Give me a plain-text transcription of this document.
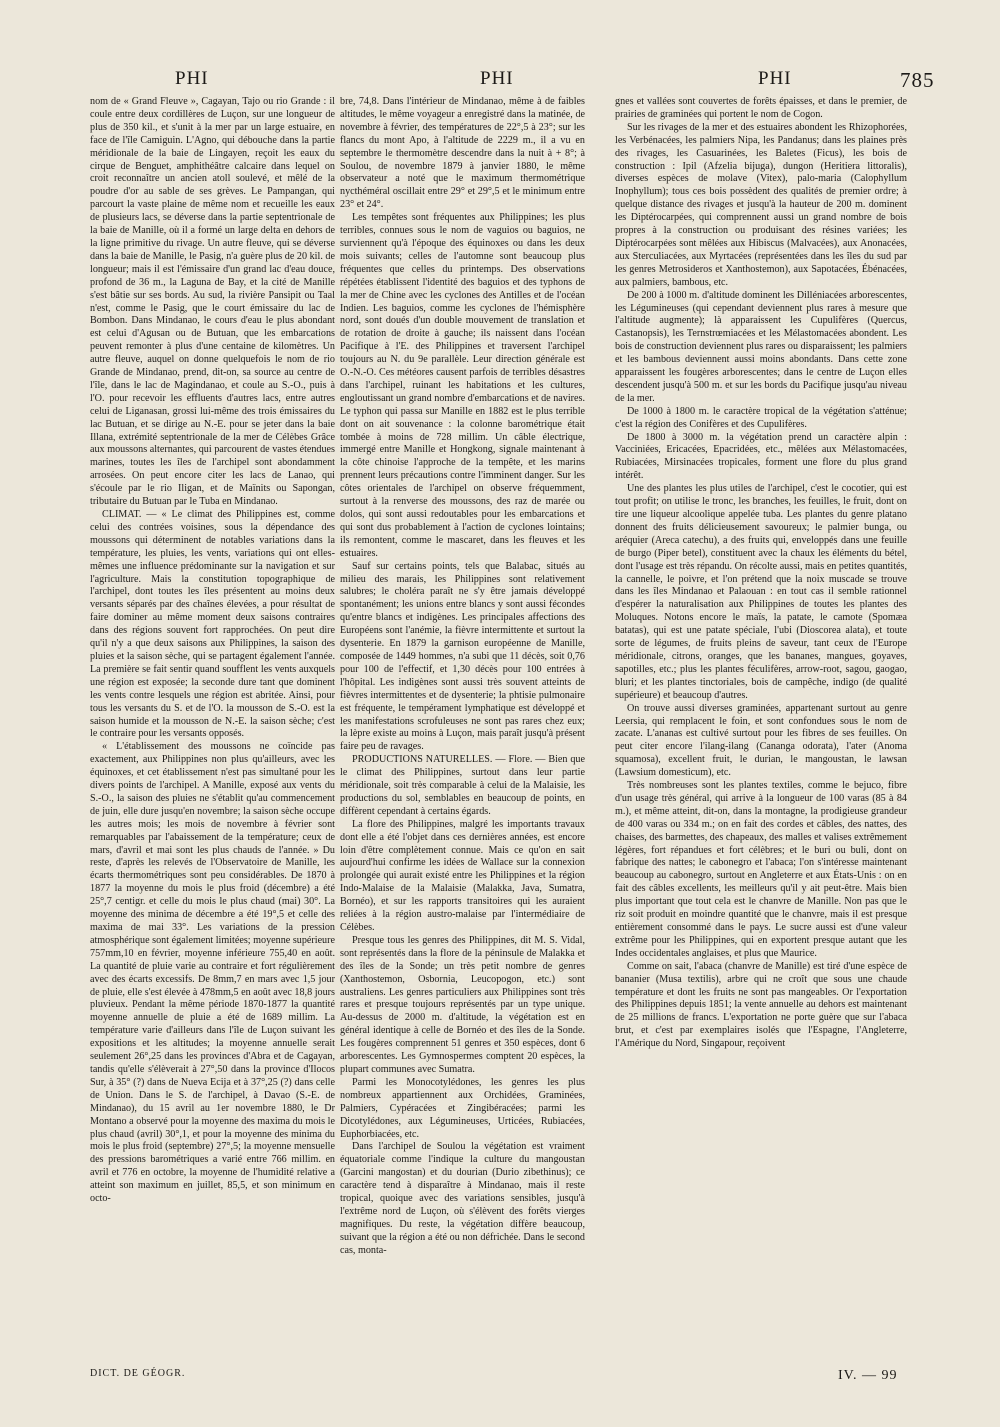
PHI	PHI	PHI	785

nom de « Grand Fleuve », Cagayan, Tajo ou rio Grande : il coule entre deux cordillères de Luçon, sur une longueur de plus de 350 kil., et s'unit à la mer par un large estuaire, en face de l'île Camiguin. L'Agno, qui débouche dans la partie méridionale de la baie de Lingayen, reçoit les eaux du cirque de Benguet, amphithéâtre calcaire dans lequel on croit reconnaître un ancien atoll soulevé, et mêlé de la poudre d'or au sable de ses grèves. Le Pampangan, qui parcourt la vaste plaine de même nom et recueille les eaux de plusieurs lacs, se déverse dans la partie septentrionale de la baie de Manille, où il a formé un large delta en dehors de la ligne primitive du rivage. Un autre fleuve, qui se déverse dans la baie de Manille, le Pasig, n'a guère plus de 20 kil. de longueur; mais il est l'émissaire d'un grand lac d'eau douce, profond de 36 m., la Laguna de Bay, et la cité de Manille s'est bâtie sur ses bords. Au sud, la rivière Pansipit ou Taal n'est, comme le Pasig, que le court émissaire du lac de Bombon. Dans Mindanao, le cours d'eau le plus abondant est celui d'Agusan ou de Butuan, que les embarcations peuvent remonter à plus d'une centaine de kilomètres. Un autre fleuve, auquel on donne quelquefois le nom de rio Grande de Mindanao, prend, dit-on, sa source au centre de l'île, dans le lac de Magindanao, et coule au S.-O., puis à l'O. pour recevoir les effluents d'autres lacs, entre autres celui de Liganasan, grossi lui-même des trois émissaires du lac Butuan, et se dirige au N.-E. pour se jeter dans la baie Illana, extrémité septentrionale de la mer de Célèbes Grâce aux moussons alternantes, qui parcourent de vastes étendues marines, toutes les îles de l'archipel sont abondamment arrosées. On peut encore citer les lacs de Lanao, qui s'écoule par le rio Iligan, et de Maïnits ou Sapongan, tributaire du Butuan par le Tuba en Mindanao.

CLIMAT. — « Le climat des Philippines est, comme celui des contrées voisines, sous la dépendance des moussons qui déterminent de notables variations dans la température, les pluies, les vents, variations qui ont elles-mêmes une influence prédominante sur la navigation et sur l'agriculture. Mais la constitution topographique de l'archipel, dont toutes les îles présentent au moins deux versants séparés par des chaînes élevées, a pour résultat de faire dominer au même moment deux saisons contraires dans des régions souvent fort rapprochées. On peut dire qu'il n'y a que deux saisons aux Philippines, la saison des pluies et la saison sèche, qui se partagent également l'année. La première se fait sentir quand soufflent les vents auxquels une région est exposée; la seconde dure tant que dominent les vents contre lesquels une région est abritée. Ainsi, pour tous les versants du S. et de l'O. la mousson de S.-O. est la saison humide et la mousson de N.-E. la saison sèche; c'est le contraire pour les versants opposés.

« L'établissement des moussons ne coïncide pas exactement, aux Philippines non plus qu'ailleurs, avec les équinoxes, et cet établissement n'est pas simultané pour les divers points de l'archipel. A Manille, exposé aux vents du S.-O., la saison des pluies ne s'établit qu'au commencement de juin, elle dure jusqu'en novembre; la saison sèche occupe les autres mois; les mois de novembre à février sont remarquables par l'abaissement de la température; ceux de mars, d'avril et mai sont les plus chauds de l'année. » Du reste, d'après les relevés de l'Observatoire de Manille, les écarts thermométriques sont peu considérables. De 1870 à 1877 la moyenne du mois le plus froid (décembre) a été 25°,7 centigr. et celle du mois le plus chaud (mai) 30°. La moyenne des minima de décembre a été 19°,5 et celle des maxima de mai 33°. Les variations de la pression atmosphérique sont également limitées; moyenne supérieure 757mm,10 en février, moyenne inférieure 755,40 en août. La quantité de pluie varie au contraire et fort régulièrement avec des écarts excessifs. De 8mm,7 en mars avec 1,5 jour de pluie, elle s'est élevée à 478mm,5 en août avec 18,8 jours pluvieux. Pendant la même période 1870-1877 la quantité moyenne annuelle de pluie a été de 1689 millim. La température varie d'ailleurs dans l'île de Luçon suivant les expositions et les altitudes; la moyenne annuelle serait seulement 26°,25 dans les provinces d'Abra et de Cagayan, tandis qu'elle s'élèverait à 27°,50 dans la province d'Ilocos Sur, à 35° (?) dans de Nueva Ecija et à 37°,25 (?) dans celle de Union. Dans le S. de l'archipel, à Davao (S.-E. de Mindanao), du 15 avril au 1er novembre 1880, le Dr Montano a observé pour la moyenne des maxima du mois le plus chaud (avril) 30°,1, et pour la moyenne des minima du mois le plus froid (septembre) 27°,5; la moyenne mensuelle des pressions barométriques a varié entre 766 millim. en avril et 776 en octobre, la moyenne de l'humidité relative a atteint son maximum en juillet, 85,5, et son minimum en octo-

bre, 74,8. Dans l'intérieur de Mindanao, même à de faibles altitudes, le même voyageur a enregistré dans la matinée, de novembre à février, des températures de 22°,5 à 23°; sur les flancs du mont Apo, à l'altitude de 2229 m., il a vu en septembre le thermomètre descendre dans la nuit à + 8°; à Soulou, de novembre 1879 à janvier 1880, le même observateur a noté que le maximum thermométrique nycthéméral oscillait entre 29° et 29°,5 et le minimum entre 23° et 24°.

Les tempêtes sont fréquentes aux Philippines; les plus terribles, connues sous le nom de vaguios ou baguios, ne surviennent qu'à l'époque des équinoxes ou dans les deux mois suivants; celles de l'automne sont beaucoup plus fréquentes que celles du printemps. Des observations répétées établissent l'identité des baguios et des typhons de la mer de Chine avec les cyclones des Antilles et de l'océan Indien. Les baguios, comme les cyclones de l'hémisphère nord, sont doués d'un double mouvement de translation et de rotation de droite à gauche; ils naissent dans l'océan Pacifique à l'E. des Philippines et traversent l'archipel toujours au N. du 9e parallèle. Leur direction générale est O.-N.-O. Ces météores causent parfois de terribles désastres dans l'archipel, ruinant les habitations et les cultures, engloutissant un grand nombre d'embarcations et de navires. Le typhon qui passa sur Manille en 1882 est le plus terrible dont on ait souvenance : la colonne barométrique était tombée à moins de 728 millim. Un câble électrique, immergé entre Manille et Hongkong, signale maintenant à la côte chinoise l'approche de la tempête, et les marins prennent leurs précautions contre l'imminent danger. Sur les côtes orientales de l'archipel on observe fréquemment, surtout à la renverse des moussons, des raz de marée ou dolos, qui sont aussi redoutables pour les embarcations et qui sont dus probablement à l'action de cyclones lointains; ils remontent, comme le mascaret, dans les fleuves et les estuaires.

Sauf sur certains points, tels que Balabac, situés au milieu des marais, les Philippines sont relativement salubres; le choléra paraît ne s'y être jamais développé spontanément; les unions entre blancs y sont aussi fécondes qu'entre blancs et indigènes. Les principales affections des Européens sont l'anémie, la fièvre intermittente et surtout la dysenterie. En 1879 la garnison européenne de Manille, composée de 1449 hommes, n'a subi que 11 décès, soit 0,76 pour 100 de l'effectif, et 1,30 décès pour 100 entrées à l'hôpital. Les indigènes sont aussi très souvent atteints de fièvres intermittentes et de dysenterie; la phtisie pulmonaire est fréquente, le tempérament lymphatique est développé et les manifestations scrofuleuses ne sont pas rares chez eux; la lèpre existe au moins à Luçon, mais paraît jusqu'à présent faire peu de ravages.

PRODUCTIONS NATURELLES. — Flore. — Bien que le climat des Philippines, surtout dans leur partie méridionale, soit très comparable à celui de la Malaisie, les productions du sol, semblables en beaucoup de points, en diffèrent cependant à certains égards.

La flore des Philippines, malgré les importants travaux dont elle a été l'objet dans ces dernières années, est encore loin d'être complètement connue. Mais ce qu'on en sait aujourd'hui confirme les idées de Wallace sur la connexion prolongée qui aurait existé entre les Philippines et la région Indo-Malaise de la Malaisie (Malakka, Java, Sumatra, Bornéo), et sur les rapports transitoires qui les auraient reliées à la région austro-malaise par l'intermédiaire de Célèbes.

Presque tous les genres des Philippines, dit M. S. Vidal, sont représentés dans la flore de la péninsule de Malakka et des îles de la Sonde; un très petit nombre de genres (Xanthostemon, Osbornia, Leucopogon, etc.) sont australiens. Les genres particuliers aux Philippines sont très rares et presque toujours représentés par un type unique. Au-dessus de 2000 m. d'altitude, la végétation est en général identique à celle de Bornéo et des îles de la Sonde. Les fougères comprennent 51 genres et 350 espèces, dont 6 arborescentes. Les Gymnospermes comptent 20 espèces, la plupart communes avec Sumatra.

Parmi les Monocotylédones, les genres les plus nombreux appartiennent aux Orchidées, Graminées, Palmiers, Cypéracées et Zingibéracées; parmi les Dicotylédones, aux Légumineuses, Urticées, Rubiacées, Euphorbiacées, etc.

Dans l'archipel de Soulou la végétation est vraiment équatoriale comme l'indique la culture du mangoustan (Garcini mangostan) et du dourian (Durio zibethinus); ce caractère tend à disparaître à Mindanao, mais il reste tropical, quoique avec des variations sensibles, jusqu'à l'extrême nord de Luçon, où s'élèvent des forêts vierges magnifiques. Du reste, la végétation diffère beaucoup, suivant que la région a été ou non défrichée. Dans le second cas, monta-

gnes et vallées sont couvertes de forêts épaisses, et dans le premier, de prairies de graminées qui portent le nom de Cogon.

Sur les rivages de la mer et des estuaires abondent les Rhizophorées, les Verbénacées, les palmiers Nipa, les Pandanus; dans les plaines près des rivages, les Casuarinées, les Baletes (Ficus), les bois de construction : Ipil (Afzelia bijuga), dungon (Heritiera littoralis), diverses espèces de molave (Vitex), palo-maria (Calophyllum Inophyllum); tous ces bois possèdent des qualités de premier ordre; à quelque distance des rivages et jusqu'à la hauteur de 200 m. dominent les Diptérocarpées, qui comprennent aussi un grand nombre de bois propres à la construction ou produisant des résines variées; les Diptérocarpées sont mêlées aux Hibiscus (Malvacées), aux Anonacées, aux Sterculiacées, aux Myrtacées (représentées dans les îles du sud par les genres Metrosideros et Xanthostemon), aux Sapotacées, Ébénacées, aux palmiers, bambous, etc.

De 200 à 1000 m. d'altitude dominent les Dilléniacées arborescentes, les Légumineuses (qui cependant deviennent plus rares à mesure que l'altitude augmente); là apparaissent les Cupulifères (Quercus, Castanopsis), les Ternstrœmiacées et les Mélastomacées abondent. Les bois de construction deviennent plus rares ou disparaissent; les palmiers et les bambous deviennent aussi moins abondants. Dans cette zone apparaissent les fougères arborescentes; dans le centre de Luçon elles descendent jusqu'à 500 m. et sur les bords du Pacifique jusqu'au niveau de la mer.

De 1000 à 1800 m. le caractère tropical de la végétation s'atténue; c'est la région des Conifères et des Cupulifères.

De 1800 à 3000 m. la végétation prend un caractère alpin : Vacciniées, Ericacées, Epacridées, etc., mêlées aux Mélastomacées, Rubiacées, Mirsinacées tropicales, forment une flore du plus grand intérêt.

Une des plantes les plus utiles de l'archipel, c'est le cocotier, qui est tout profit; on utilise le tronc, les branches, les feuilles, le fruit, dont on tire une liqueur alcoolique appelée tuba. Les plantes du genre platano donnent des fruits délicieusement savoureux; le palmier bunga, ou aréquier (Areca catechu), a des fruits qui, enveloppés dans une feuille de burgo (Piper betel), constituent avec la chaux les éléments du bétel, dont l'usage est très répandu. On récolte aussi, mais en petites quantités, la cannelle, le poivre, et l'on prétend que la noix muscade se trouve dans les îles Mindanao et Palaouan : en tout cas il semble rationnel d'espérer la naturalisation aux Philippines de toutes les plantes des Moluques. Notons encore le maïs, la patate, le camote (Spomæa batatas), qui est une patate spéciale, l'ubi (Dioscorea alata), et toute sorte de légumes, de fruits pleins de saveur, tant ceux de l'Europe méridionale, citrons, oranges, que les bananes, mangues, goyaves, sapotilles, etc.; plus les plantes féculifères, arrow-root, sagou, gaogao, bluri; et les plantes tinctoriales, bois de campêche, indigo (de qualité supérieure) et beaucoup d'autres.

On trouve aussi diverses graminées, appartenant surtout au genre Leersia, qui remplacent le foin, et sont confondues sous le nom de zacate. L'ananas est cultivé surtout pour les fibres de ses feuilles. On peut citer encore l'ilang-ilang (Cananga odorata), l'ater (Anoma squamosa), excellent fruit, le durian, le mangoustan, le lawsan (Lawsium domesticum), etc.

Très nombreuses sont les plantes textiles, comme le bejuco, fibre d'un usage très général, qui arrive à la longueur de 100 varas (85 à 84 m.), et même atteint, dit-on, dans la montagne, la prodigieuse grandeur de 400 varas ou 334 m.; on en fait des cordes et câbles, des nattes, des chaises, des barmettes, des chapeaux, des malles et valises extrêmement légères, fort répandues et fort célèbres; et le buri ou buli, dont on fabrique des nattes; le cabonegro et l'abaca; l'on s'intéresse maintenant beaucoup au cabonegro, surtout en Angleterre et aux États-Unis : on en fait des câbles excellents, les meilleurs qu'il y ait peut-être. Mais bien plus important que tout cela est le chanvre de Manille. Non pas que le riz soit produit en moindre quantité que le chanvre, mais il est presque entièrement consommé dans le pays. Le sucre aussi est d'une valeur extrême pour les Philippines, qui en exportent presque autant que les Indes occidentales anglaises, et plus que Maurice.

Comme on sait, l'abaca (chanvre de Manille) est tiré d'une espèce de bananier (Musa textilis), arbre qui ne croît que sous une chaude température et dont les fruits ne sont pas mangeables. Or l'exportation des Philippines depuis 1851; la vente annuelle au dehors est maintenant de 25 millions de francs. L'exportation ne porte guère que sur l'abaca brut, et c'est par exemplaires isolés que l'Espagne, l'Angleterre, l'Amérique du Nord, Singapour, reçoivent

DICT. DE GÉOGR.	IV. — 99
